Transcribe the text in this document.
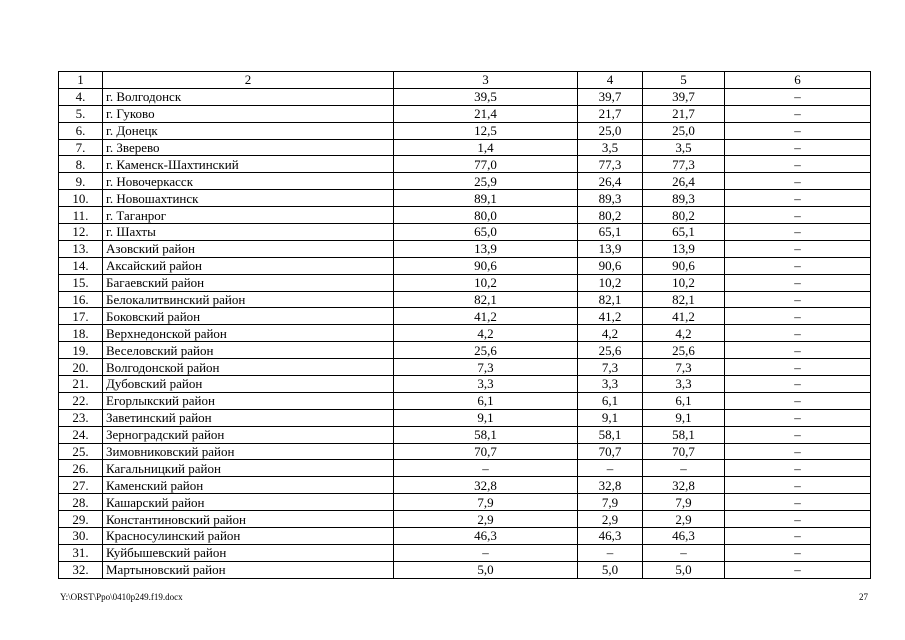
1	2	3	4	5	6
4.	г. Волгодонск	39,5	39,7	39,7	–
5.	г. Гуково	21,4	21,7	21,7	–
6.	г. Донецк	12,5	25,0	25,0	–
7.	г. Зверево	1,4	3,5	3,5	–
8.	г. Каменск-Шахтинский	77,0	77,3	77,3	–
9.	г. Новочеркасск	25,9	26,4	26,4	–
10.	г. Новошахтинск	89,1	89,3	89,3	–
11.	г. Таганрог	80,0	80,2	80,2	–
12.	г. Шахты	65,0	65,1	65,1	–
13.	Азовский район	13,9	13,9	13,9	–
14.	Аксайский район	90,6	90,6	90,6	–
15.	Багаевский район	10,2	10,2	10,2	–
16.	Белокалитвинский район	82,1	82,1	82,1	–
17.	Боковский район	41,2	41,2	41,2	–
18.	Верхнедонской район	4,2	4,2	4,2	–
19.	Веселовский район	25,6	25,6	25,6	–
20.	Волгодонской район	7,3	7,3	7,3	–
21.	Дубовский район	3,3	3,3	3,3	–
22.	Егорлыкский район	6,1	6,1	6,1	–
23.	Заветинский район	9,1	9,1	9,1	–
24.	Зерноградский район	58,1	58,1	58,1	–
25.	Зимовниковский район	70,7	70,7	70,7	–
26.	Кагальницкий район	–	–	–	–
27.	Каменский район	32,8	32,8	32,8	–
28.	Кашарский район	7,9	7,9	7,9	–
29.	Константиновский район	2,9	2,9	2,9	–
30.	Красносулинский район	46,3	46,3	46,3	–
31.	Куйбышевский район	–	–	–	–
32.	Мартыновский район	5,0	5,0	5,0	–
Y:\ORST\Ppo\0410p249.f19.docx	27
